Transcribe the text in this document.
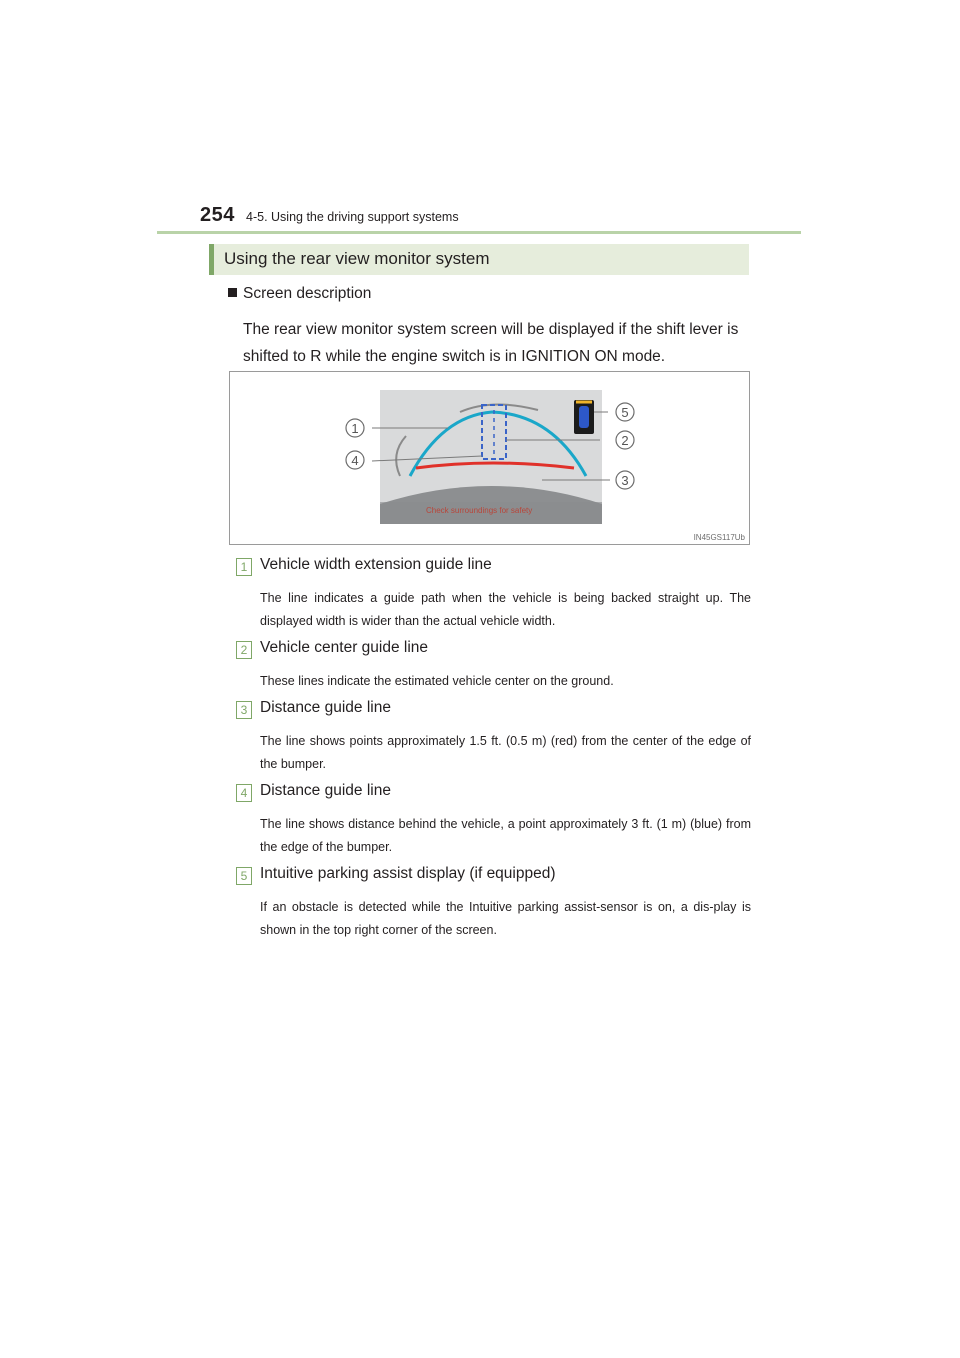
254 4-5. Using the driving support systems
Using the rear view monitor system
Screen description
The rear view monitor system screen will be displayed if the shift lever is shifted to R while the engine switch is in IGNITION ON mode.
1
4
5
2
3
Check surroundings for safety
IN45GS117Ub
1 Vehicle width extension guide line
The line indicates a guide path when the vehicle is being backed straight up. The displayed width is wider than the actual vehicle width.
2 Vehicle center guide line
These lines indicate the estimated vehicle center on the ground.
3 Distance guide line
The line shows points approximately 1.5 ft. (0.5 m) (red) from the center of the edge of the bumper.
4 Distance guide line
The line shows distance behind the vehicle, a point approximately 3 ft. (1 m) (blue) from the edge of the bumper.
5 Intuitive parking assist display (if equipped)
If an obstacle is detected while the Intuitive parking assist-sensor is on, a dis-play is shown in the top right corner of the screen.
